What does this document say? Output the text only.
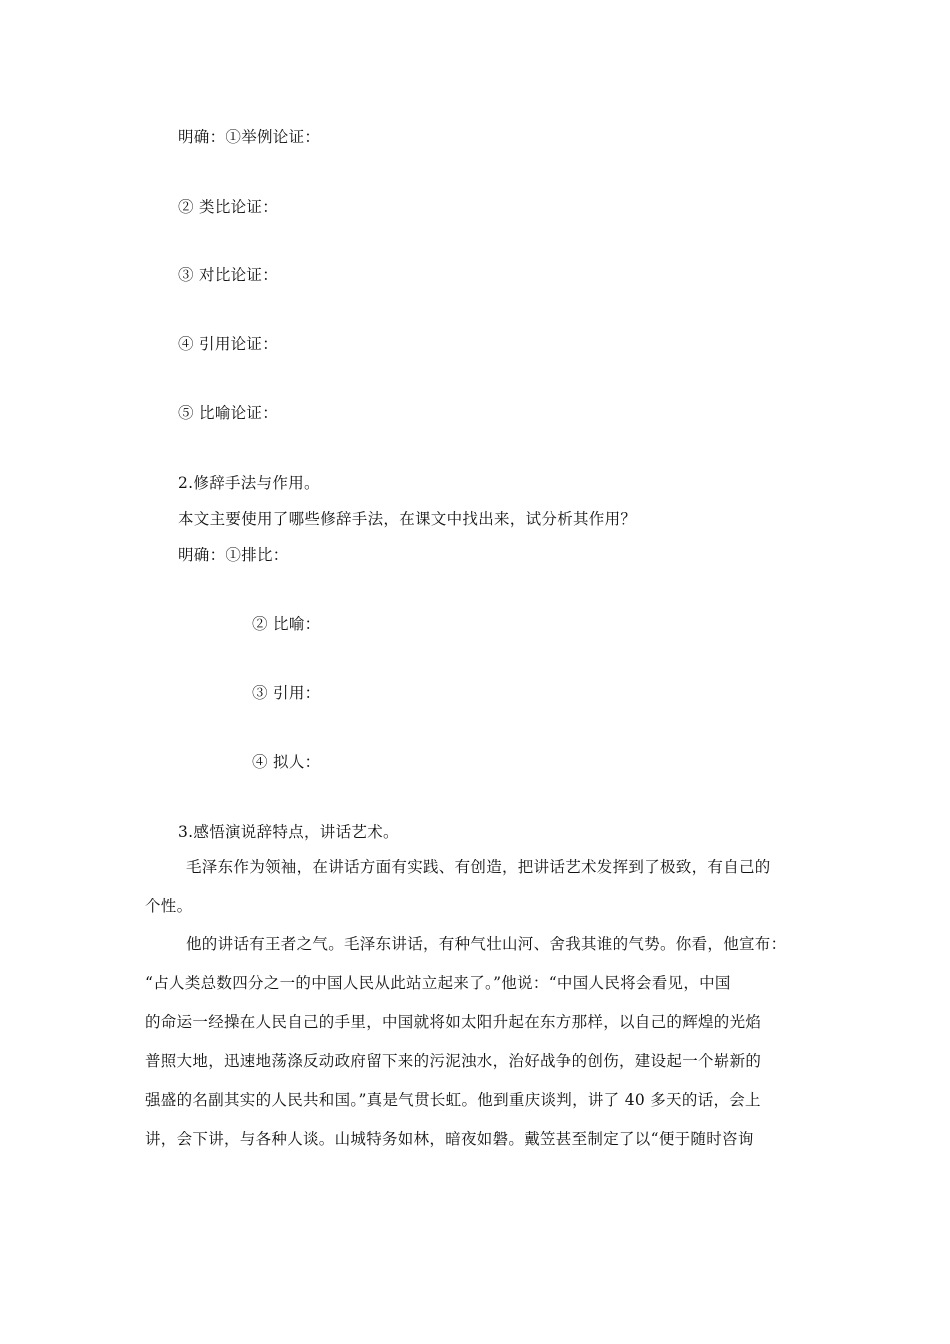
明确：①举例论证：
② 类比论证：
③ 对比论证：
④ 引用论证：
⑤ 比喻论证：
2.修辞手法与作用。
本文主要使用了哪些修辞手法，在课文中找出来，试分析其作用？
明确：①排比：
② 比喻：
③ 引用：
④ 拟人：
3.感悟演说辞特点，讲话艺术。
毛泽东作为领袖，在讲话方面有实践、有创造，把讲话艺术发挥到了极致，有自己的
个性。
他的讲话有王者之气。毛泽东讲话，有种气壮山河、舍我其谁的气势。你看，他宣布：
“占人类总数四分之一的中国人民从此站立起来了。”他说：“中国人民将会看见，中国
的命运一经操在人民自己的手里，中国就将如太阳升起在东方那样，以自己的辉煌的光焰
普照大地，迅速地荡涤反动政府留下来的污泥浊水，治好战争的创伤，建设起一个崭新的
强盛的名副其实的人民共和国。”真是气贯长虹。他到重庆谈判，讲了 40 多天的话，会上
讲，会下讲，与各种人谈。山城特务如林，暗夜如磐。戴笠甚至制定了以“便于随时咨询
